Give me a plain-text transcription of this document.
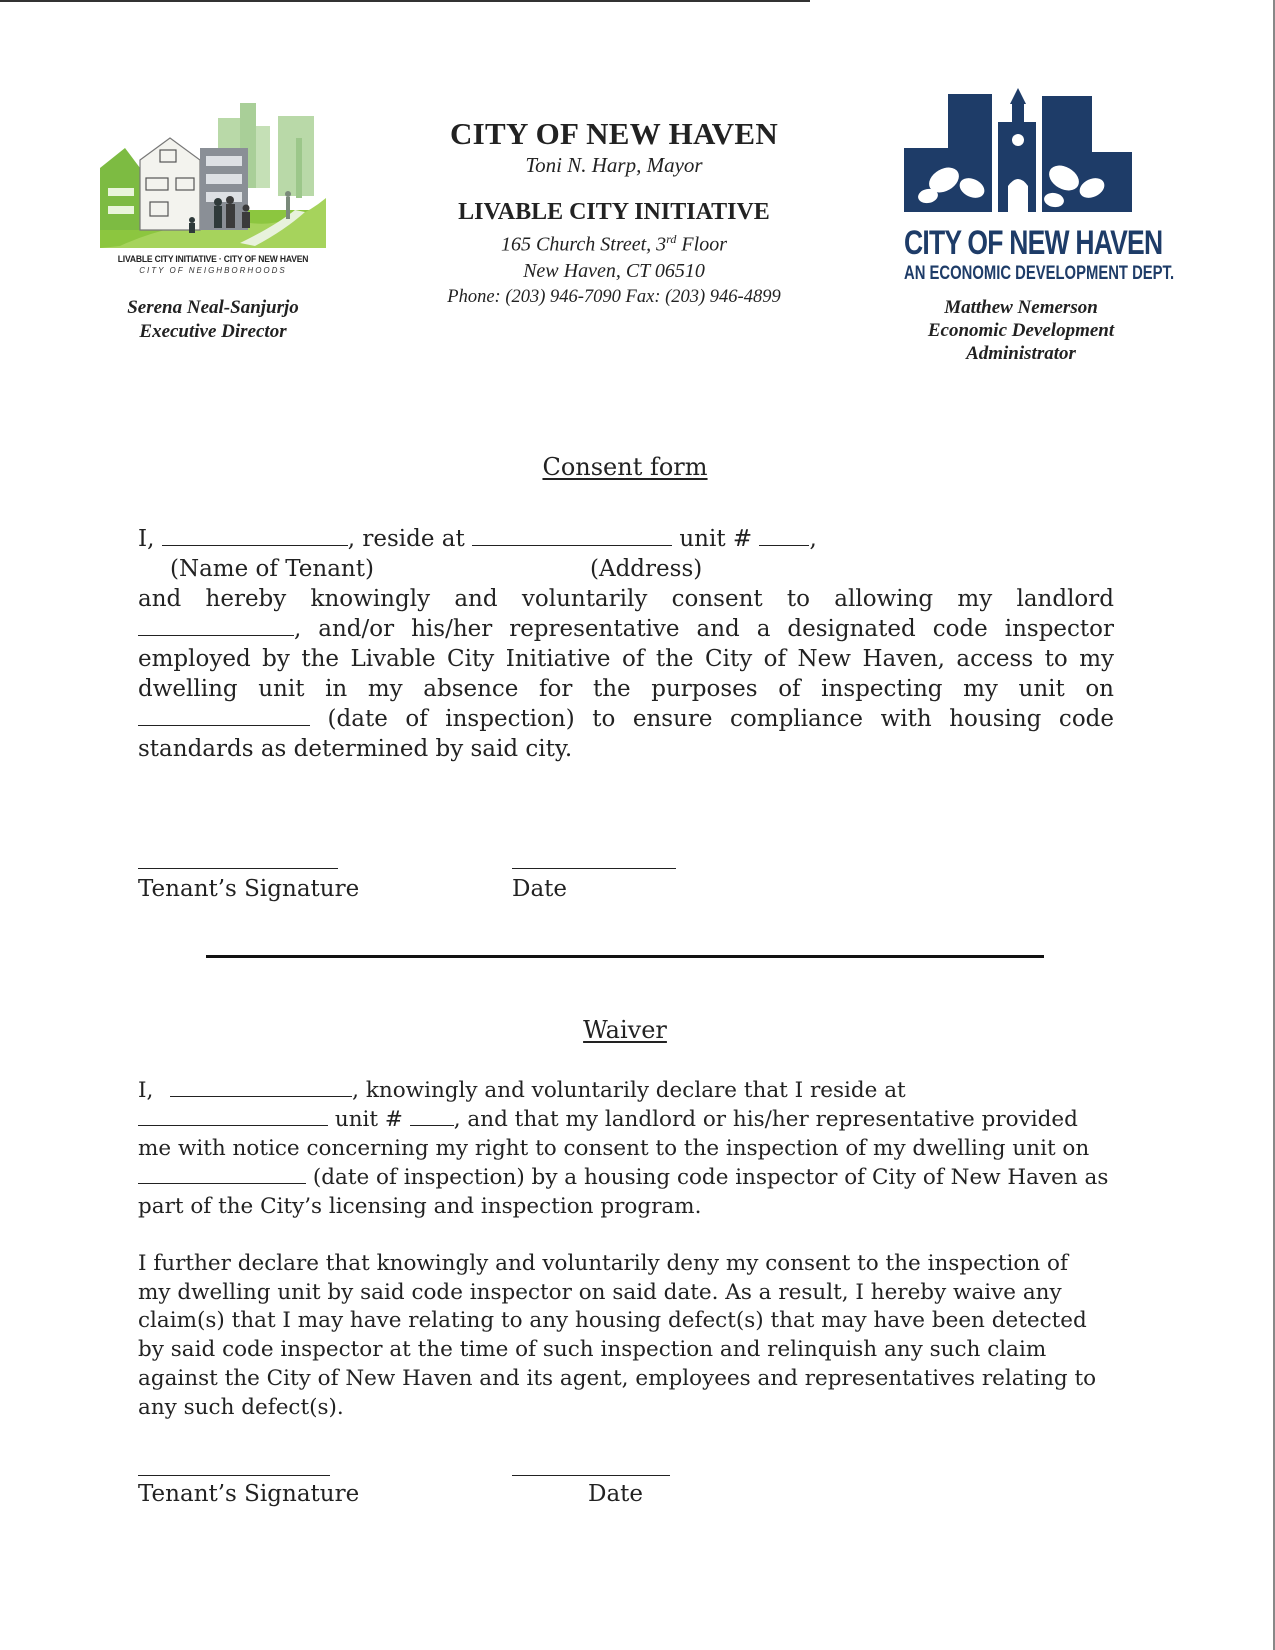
LIVABLE CITY INITIATIVE · CITY OF NEW HAVEN
CITY OF NEIGHBORHOODS
Serena Neal-Sanjurjo
Executive Director
CITY OF NEW HAVEN
Toni N. Harp, Mayor
LIVABLE CITY INITIATIVE
165 Church Street, 3rd Floor
New Haven, CT 06510
Phone: (203) 946-7090 Fax: (203) 946-4899
CITY OF NEW HAVEN
AN ECONOMIC DEVELOPMENT DEPT.
Matthew Nemerson
Economic Development
Administrator
Consent form
I,	, reside at	unit # ,
(Name of Tenant)	(Address)
and hereby knowingly and voluntarily consent to allowing my landlord
, and/or his/her representative and a designated code inspector
employed by the Livable City Initiative of the City of New Haven, access to my
dwelling unit in my absence for the purposes of inspecting my unit on
(date of inspection) to ensure compliance with housing code
standards as determined by said city.
Tenant’s Signature	Date
Waiver
I,	, knowingly and voluntarily declare that I reside at
unit # , and that my landlord or his/her representative provided
me with notice concerning my right to consent to the inspection of my dwelling unit on
(date of inspection) by a housing code inspector of City of New Haven as
part of the City’s licensing and inspection program.
I further declare that knowingly and voluntarily deny my consent to the inspection of
my dwelling unit by said code inspector on said date. As a result, I hereby waive any
claim(s) that I may have relating to any housing defect(s) that may have been detected
by said code inspector at the time of such inspection and relinquish any such claim
against the City of New Haven and its agent, employees and representatives relating to
any such defect(s).
Tenant’s Signature	Date
